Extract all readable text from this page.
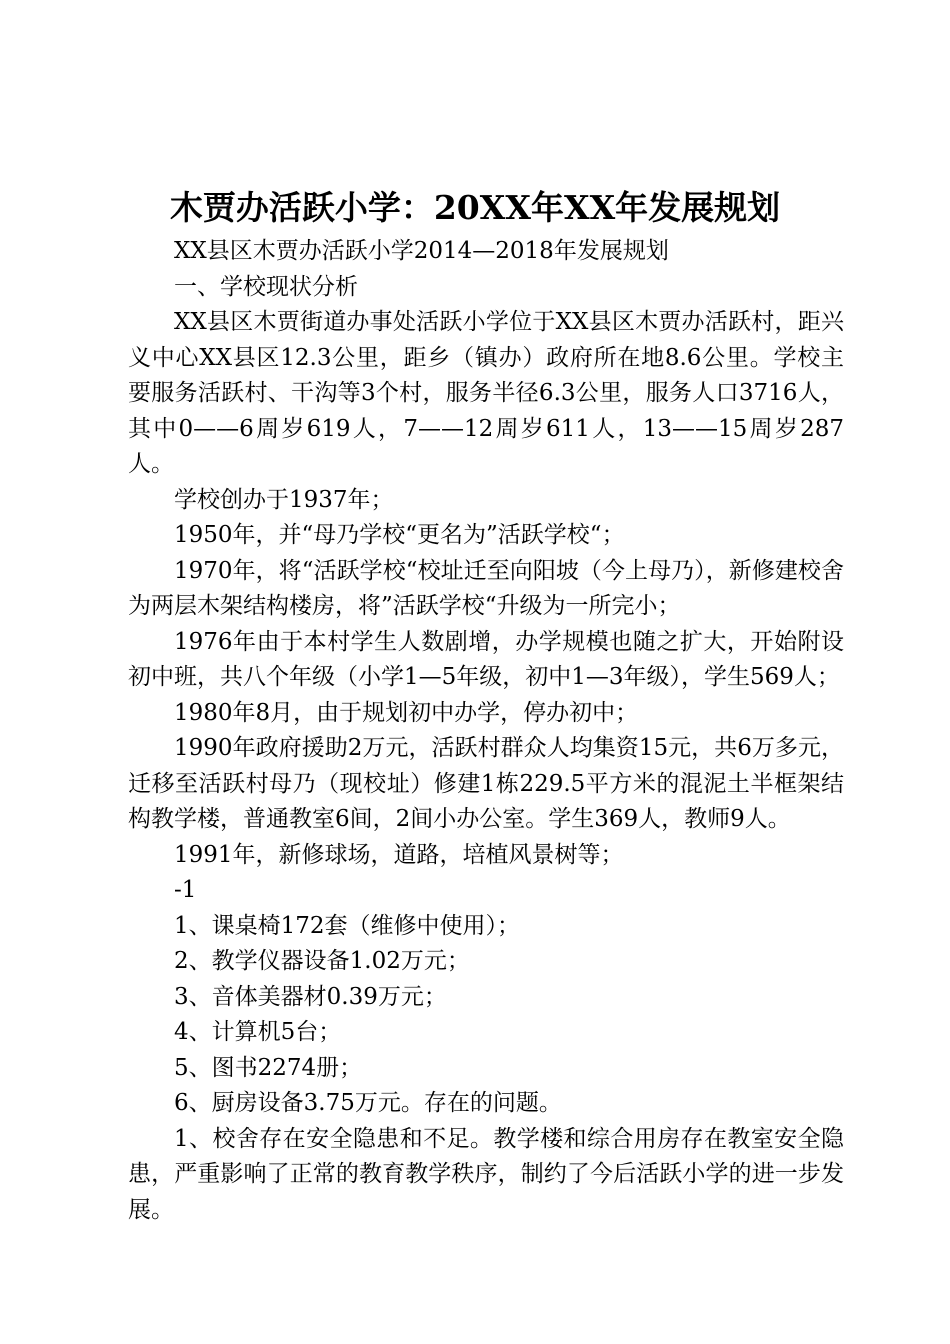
木贾办活跃小学：20XX年XX年发展规划

XX县区木贾办活跃小学2014—2018年发展规划

一、学校现状分析

XX县区木贾街道办事处活跃小学位于XX县区木贾办活跃村，距兴义中心XX县区12.3公里，距乡（镇办）政府所在地8.6公里。学校主要服务活跃村、干沟等3个村，服务半径6.3公里，服务人口3716人，其中0——6周岁619人，7——12周岁611人，13——15周岁287人。

学校创办于1937年；

1950年，并“母乃学校“更名为”活跃学校“；

1970年，将“活跃学校“校址迁至向阳坡（今上母乃），新修建校舍为两层木架结构楼房，将”活跃学校“升级为一所完小；

1976年由于本村学生人数剧增，办学规模也随之扩大，开始附设初中班，共八个年级（小学1—5年级，初中1—3年级），学生569人；

1980年8月，由于规划初中办学，停办初中；

1990年政府援助2万元，活跃村群众人均集资15元，共6万多元，迁移至活跃村母乃（现校址）修建1栋229.5平方米的混泥土半框架结构教学楼，普通教室6间，2间小办公室。学生369人，教师9人。

1991年，新修球场，道路，培植风景树等；

-1

1、课桌椅172套（维修中使用）；

2、教学仪器设备1.02万元；

3、音体美器材0.39万元；

4、计算机5台；

5、图书2274册；

6、厨房设备3.75万元。存在的问题。

1、校舍存在安全隐患和不足。教学楼和综合用房存在教室安全隐患，严重影响了正常的教育教学秩序，制约了今后活跃小学的进一步发展。
